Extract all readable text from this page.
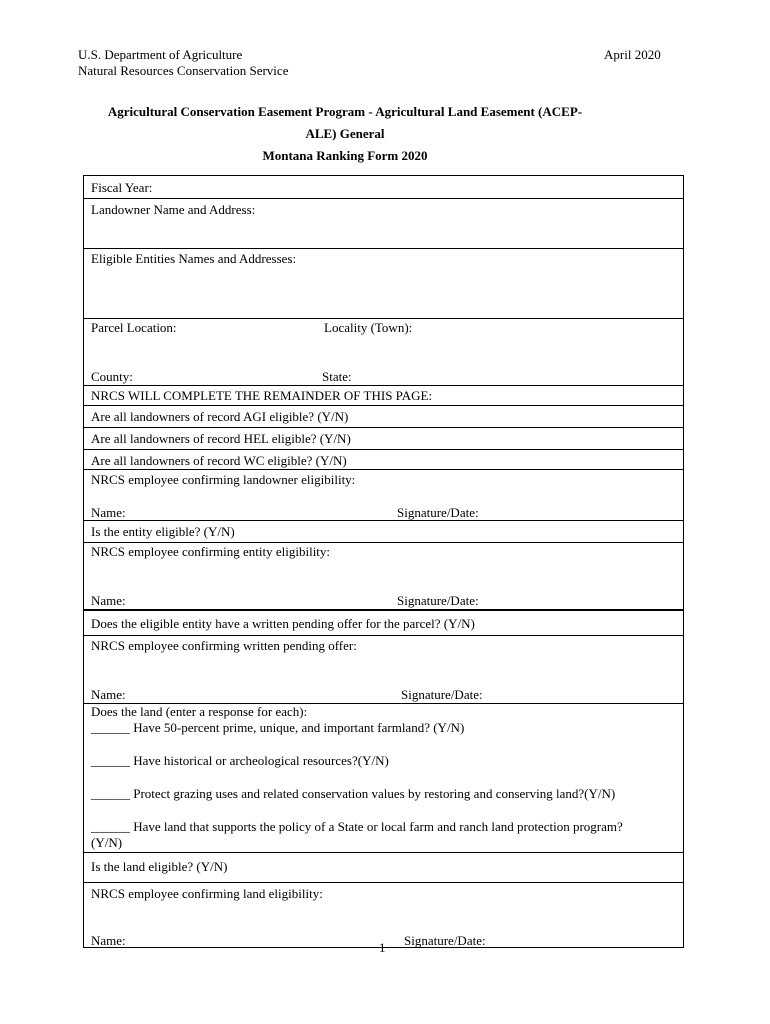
U.S. Department of Agriculture
Natural Resources Conservation Service
April 2020
Agricultural Conservation Easement Program - Agricultural Land Easement (ACEP-
ALE) General
Montana Ranking Form 2020
Fiscal Year:
Landowner Name and Address:
Eligible Entities Names and Addresses:
Parcel Location:	Locality (Town):
County:	State:
NRCS WILL COMPLETE THE REMAINDER OF THIS PAGE:
Are all landowners of record AGI eligible? (Y/N)
Are all landowners of record HEL eligible? (Y/N)
Are all landowners of record WC eligible? (Y/N)
NRCS employee confirming landowner eligibility:
Name:	Signature/Date:
Is the entity eligible? (Y/N)
NRCS employee confirming entity eligibility:
Name:	Signature/Date:
Does the eligible entity have a written pending offer for the parcel? (Y/N)
NRCS employee confirming written pending offer:
Name:	Signature/Date:
Does the land (enter a response for each):
______ Have 50-percent prime, unique, and important farmland? (Y/N)
______ Have historical or archeological resources?(Y/N)
______ Protect grazing uses and related conservation values by restoring and conserving land?(Y/N)
______ Have land that supports the policy of a State or local farm and ranch land protection program?
(Y/N)
Is the land eligible? (Y/N)
NRCS employee confirming land eligibility:
Name:	Signature/Date:
1
